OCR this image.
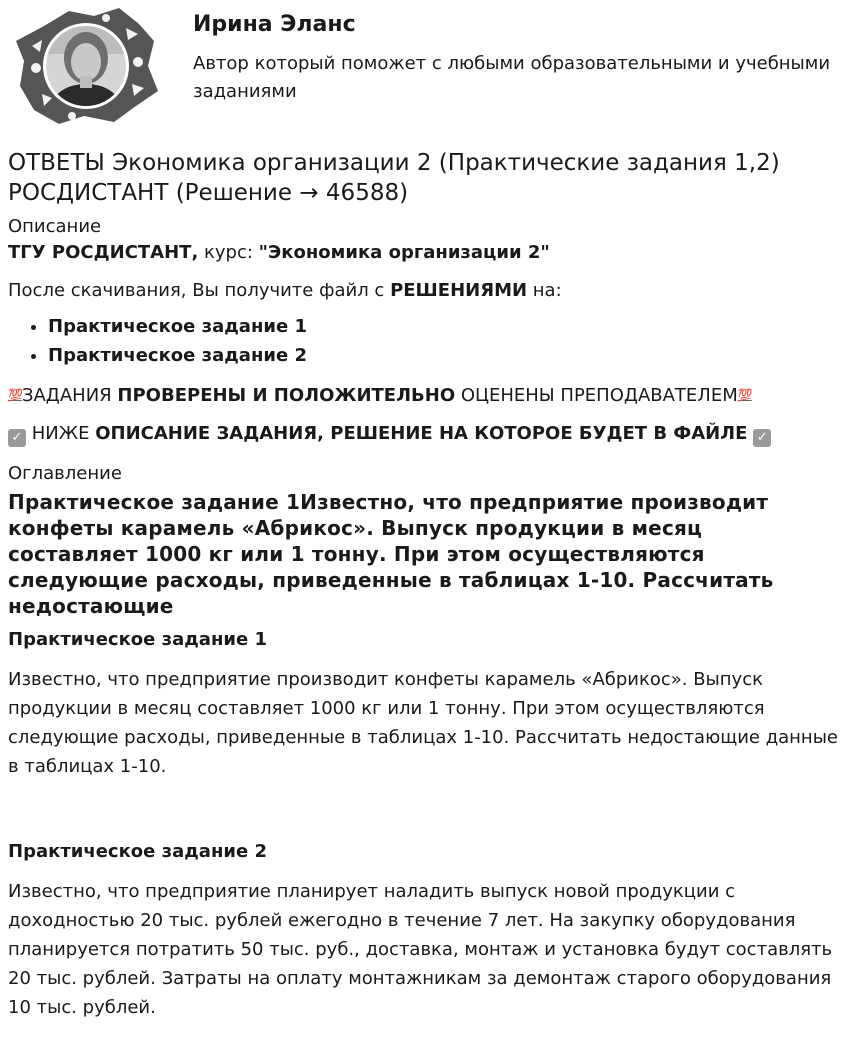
Ирина Эланс

Автор который поможет с любыми образовательными и учебными заданиями

ОТВЕТЫ Экономика организации 2 (Практические задания 1,2) РОСДИСТАНТ (Решение → 46588)

Описание

ТГУ РОСДИСТАНТ, курс: "Экономика организации 2"

После скачивания, Вы получите файл с РЕШЕНИЯМИ на:

• Практическое задание 1
• Практическое задание 2

💯ЗАДАНИЯ ПРОВЕРЕНЫ И ПОЛОЖИТЕЛЬНО ОЦЕНЕНЫ ПРЕПОДАВАТЕЛЕМ💯

✓ НИЖЕ ОПИСАНИЕ ЗАДАНИЯ, РЕШЕНИЕ НА КОТОРОЕ БУДЕТ В ФАЙЛЕ ✓

Оглавление

Практическое задание 1Известно, что предприятие производит конфеты карамель «Абрикос». Выпуск продукции в месяц составляет 1000 кг или 1 тонну. При этом осуществляются следующие расходы, приведенные в таблицах 1-10. Рассчитать недостающие

Практическое задание 1

Известно, что предприятие производит конфеты карамель «Абрикос». Выпуск продукции в месяц составляет 1000 кг или 1 тонну. При этом осуществляются следующие расходы, приведенные в таблицах 1-10. Рассчитать недостающие данные в таблицах 1-10.

Практическое задание 2

Известно, что предприятие планирует наладить выпуск новой продукции с доходностью 20 тыс. рублей ежегодно в течение 7 лет. На закупку оборудования планируется потратить 50 тыс. руб., доставка, монтаж и установка будут составлять 20 тыс. рублей. Затраты на оплату монтажникам за демонтаж старого оборудования 10 тыс. рублей.
